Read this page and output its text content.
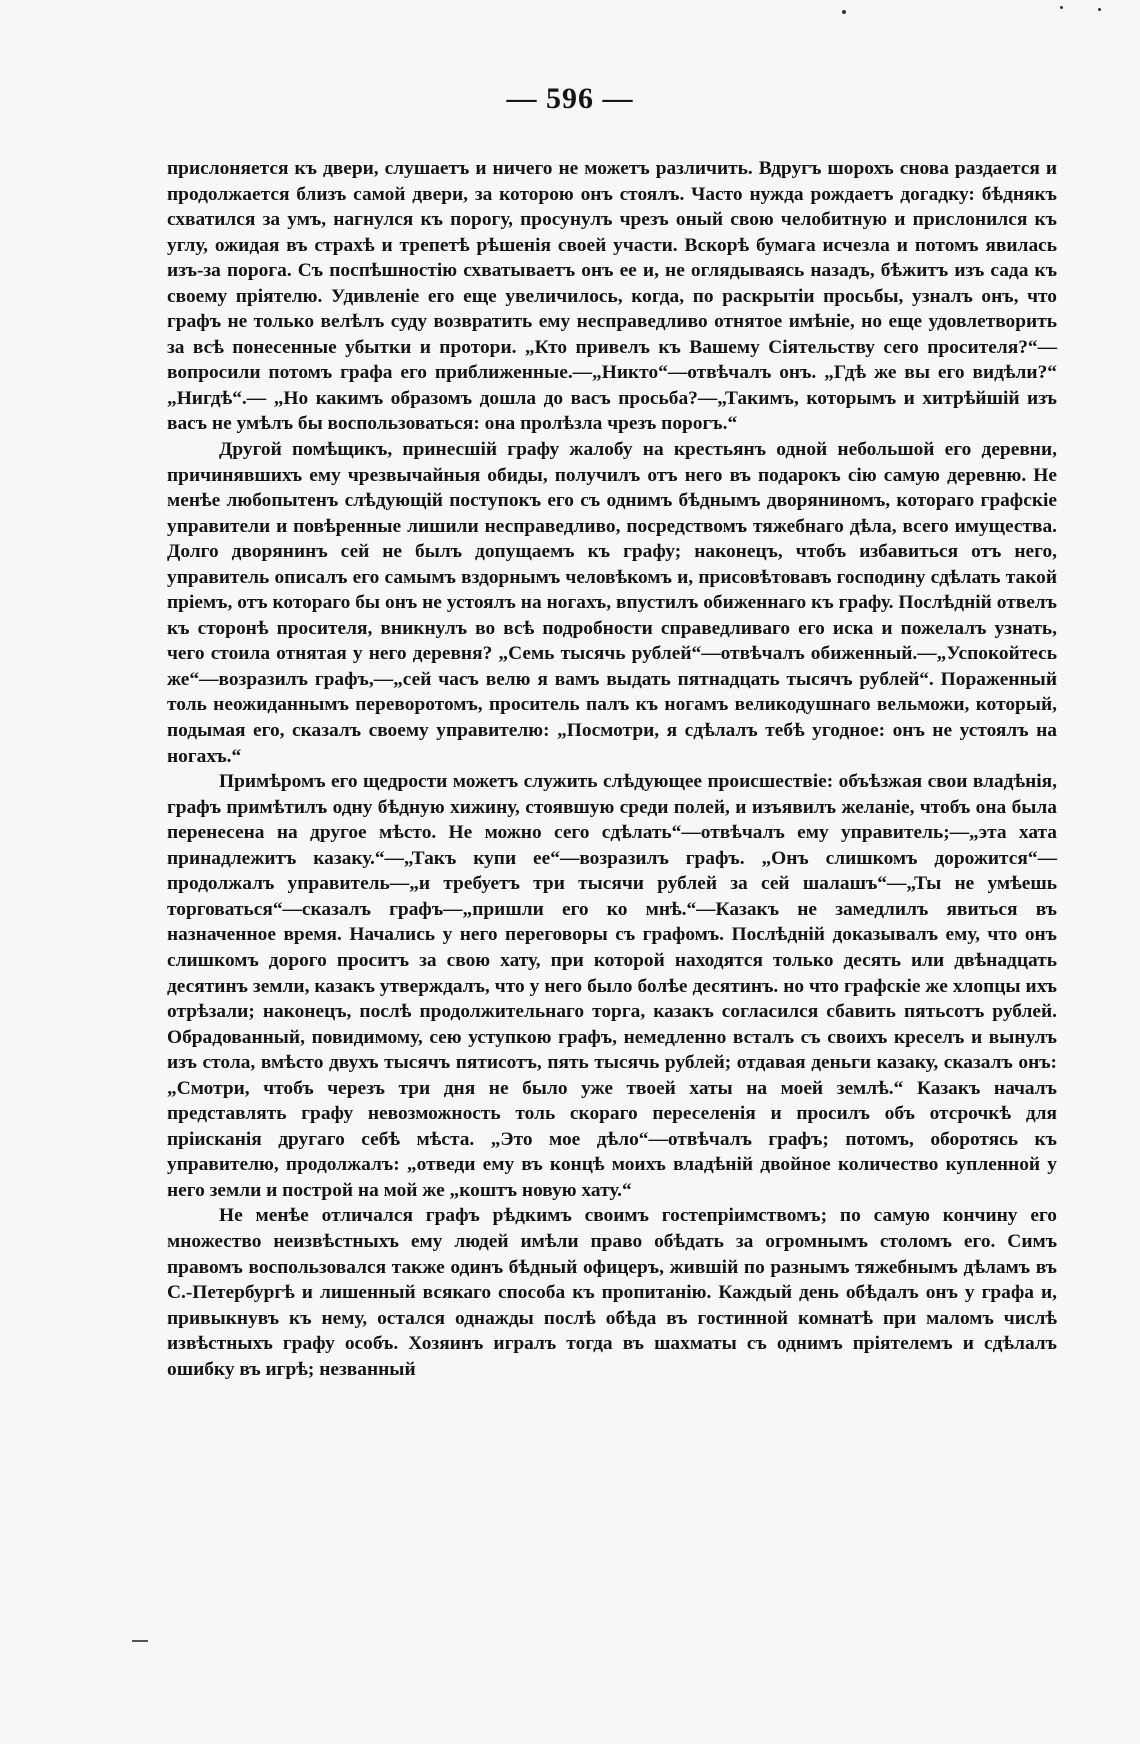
— 596 —

прислоняется къ двери, слушаетъ и ничего не можетъ различить. Вдругъ шорохъ снова раздается и продолжается близъ самой двери, за которою онъ стоялъ. Часто нужда рождаетъ догадку: бѣднякъ схватился за умъ, нагнулся къ порогу, просунулъ чрезъ оный свою челобитную и прислонился къ углу, ожидая въ страхѣ и трепетѣ рѣшенія своей участи. Вскорѣ бумага исчезла и потомъ явилась изъ-за порога. Съ поспѣшностію схватываетъ онъ ее и, не оглядываясь назадъ, бѣжитъ изъ сада къ своему пріятелю. Удивленіе его еще увеличилось, когда, по раскрытіи просьбы, узналъ онъ, что графъ не только велѣлъ суду возвратить ему несправедливо отнятое имѣніе, но еще удовлетворить за всѣ понесенные убытки и протори. „Кто привелъ къ Вашему Сіятельству сего просителя?“—вопросили потомъ графа его приближенные.—„Никто“—отвѣчалъ онъ. „Гдѣ же вы его видѣли?“ „Нигдѣ“.— „Но какимъ образомъ дошла до васъ просьба?—„Такимъ, которымъ и хитрѣйшій изъ васъ не умѣлъ бы воспользоваться: она пролѣзла чрезъ порогъ.“

Другой помѣщикъ, принесшій графу жалобу на крестьянъ одной небольшой его деревни, причинявшихъ ему чрезвычайныя обиды, получилъ отъ него въ подарокъ сію самую деревню. Не менѣе любопытенъ слѣдующій поступокъ его съ однимъ бѣднымъ дворяниномъ, котораго графскіе управители и повѣренные лишили несправедливо, посредствомъ тяжебнаго дѣла, всего имущества. Долго дворянинъ сей не былъ допущаемъ къ графу; наконецъ, чтобъ избавиться отъ него, управитель описалъ его самымъ вздорнымъ человѣкомъ и, присовѣтовавъ господину сдѣлать такой пріемъ, отъ котораго бы онъ не устоялъ на ногахъ, впустилъ обиженнаго къ графу. Послѣдній отвелъ къ сторонѣ просителя, вникнулъ во всѣ подробности справедливаго его иска и пожелалъ узнать, чего стоила отнятая у него деревня? „Семь тысячь рублей“—отвѣчалъ обиженный.—„Успокойтесь же“—возразилъ графъ,—„сей часъ велю я вамъ выдать пятнадцать тысячъ рублей“. Пораженный толь неожиданнымъ переворотомъ, проситель палъ къ ногамъ великодушнаго вельможи, который, подымая его, сказалъ своему управителю: „Посмотри, я сдѣлалъ тебѣ угодное: онъ не устоялъ на ногахъ.“

Примѣромъ его щедрости можетъ служить слѣдующее происшествіе: объѣзжая свои владѣнія, графъ примѣтилъ одну бѣдную хижину, стоявшую среди полей, и изъявилъ желаніе, чтобъ она была перенесена на другое мѣсто. Не можно сего сдѣлать“—отвѣчалъ ему управитель;—„эта хата принадлежитъ казаку.“—„Такъ купи ее“—возразилъ графъ. „Онъ слишкомъ дорожится“—продолжалъ управитель—„и требуетъ три тысячи рублей за сей шалашъ“—„Ты не умѣешь торговаться“—сказалъ графъ—„пришли его ко мнѣ.“—Казакъ не замедлилъ явиться въ назначенное время. Начались у него переговоры съ графомъ. Послѣдній доказывалъ ему, что онъ слишкомъ дорого проситъ за свою хату, при которой находятся только десять или двѣнадцать десятинъ земли, казакъ утверждалъ, что у него было болѣе десятинъ. но что графскіе же хлопцы ихъ отрѣзали; наконецъ, послѣ продолжительнаго торга, казакъ согласился сбавить пятьсотъ рублей. Обрадованный, повидимому, сею уступкою графъ, немедленно всталъ съ своихъ креселъ и вынулъ изъ стола, вмѣсто двухъ тысячъ пятисотъ, пять тысячь рублей; отдавая деньги казаку, сказалъ онъ: „Смотри, чтобъ черезъ три дня не было уже твоей хаты на моей землѣ.“ Казакъ началъ представлять графу невозможность толь скораго переселенія и просилъ объ отсрочкѣ для пріисканія другаго себѣ мѣста. „Это мое дѣло“—отвѣчалъ графъ; потомъ, оборотясь къ управителю, продолжалъ: „отведи ему въ концѣ моихъ владѣній двойное количество купленной у него земли и построй на мой же „коштъ новую хату.“

Не менѣе отличался графъ рѣдкимъ своимъ гостепріимствомъ; по самую кончину его множество неизвѣстныхъ ему людей имѣли право обѣдать за огромнымъ столомъ его. Симъ правомъ воспользовался также одинъ бѣдный офицеръ, жившій по разнымъ тяжебнымъ дѣламъ въ С.-Петербургѣ и лишенный всякаго способа къ пропитанію. Каждый день обѣдалъ онъ у графа и, привыкнувъ къ нему, остался однажды послѣ обѣда въ гостинной комнатѣ при маломъ числѣ извѣстныхъ графу особъ. Хозяинъ игралъ тогда въ шахматы съ однимъ пріятелемъ и сдѣлалъ ошибку въ игрѣ; незванный
